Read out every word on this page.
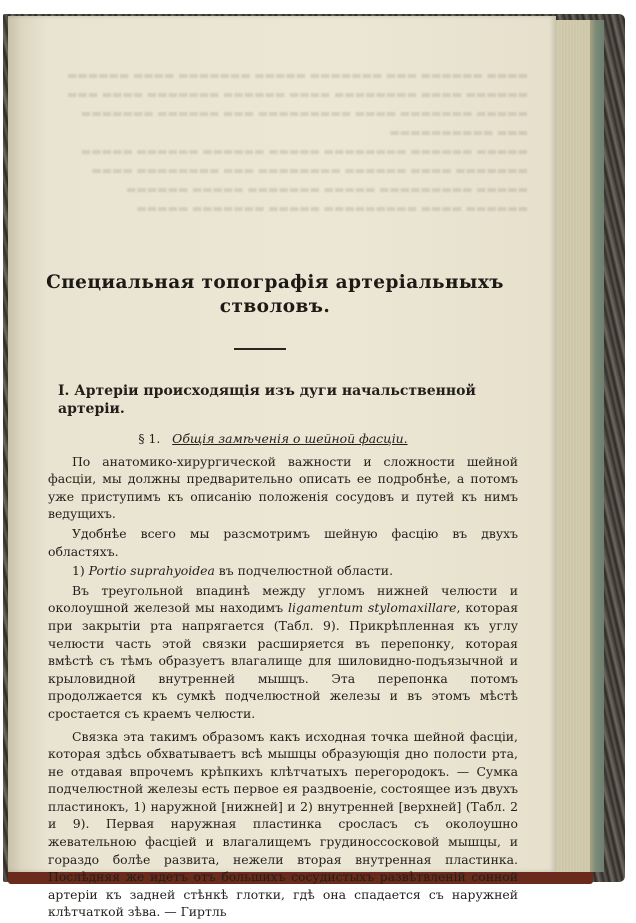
▬▬▬▬ ▬▬▬▬▬▬ ▬▬▬ ▬▬▬▬▬▬▬ ▬▬▬▬▬ ▬▬▬▬▬▬▬ ▬▬▬▬ ▬▬▬▬▬▬
▬▬▬▬▬▬ ▬▬▬▬ ▬▬▬▬▬▬▬▬ ▬▬▬▬ ▬▬▬▬▬▬ ▬▬▬▬▬▬▬ ▬▬▬▬ ▬▬▬
▬▬▬▬▬ ▬▬▬▬▬▬▬ ▬▬▬▬ ▬▬▬▬▬▬▬▬▬ ▬▬▬ ▬▬▬▬▬▬ ▬▬▬▬▬▬▬
▬▬▬ ▬▬▬▬▬▬▬▬▬▬
▬▬▬▬▬ ▬▬▬▬▬▬ ▬▬▬▬▬▬▬▬ ▬▬▬▬▬ ▬▬▬▬▬▬ ▬▬▬▬▬▬ ▬▬▬▬▬
▬▬▬▬▬▬▬ ▬▬▬▬ ▬▬▬▬▬▬ ▬▬▬▬▬▬▬▬ ▬▬▬ ▬▬▬▬▬▬▬▬ ▬▬▬▬
▬▬▬▬▬ ▬▬▬▬▬▬▬▬▬ ▬▬▬▬▬ ▬▬▬▬▬▬▬ ▬▬▬▬▬ ▬▬▬▬▬▬
▬▬▬▬▬▬ ▬▬▬▬ ▬▬▬▬▬▬▬▬▬ ▬▬▬▬▬ ▬▬▬▬▬▬▬ ▬▬▬▬▬
Специальная топографія артеріальныхъ
стволовъ.
I. Артеріи происходящія изъ дуги начальственной артеріи.
§ 1. Общія замѣченія о шейной фасціи.
По анатомико-хирургической важности и сложности шейной фасціи, мы должны предварительно описать ее подробнѣе, а потомъ уже приступимъ къ описанію положенія сосудовъ и путей къ нимъ ведущихъ.
Удобнѣе всего мы разсмотримъ шейную фасцію въ двухъ областяхъ.
1) Portio suprahyoidea въ подчелюстной области.
Въ треугольной впадинѣ между угломъ нижней челюсти и околоушной железой мы находимъ ligamentum stylomaxillare, которая при закрытіи рта напрягается (Табл. 9). Прикрѣпленная къ углу челюсти часть этой связки расширяется въ перепонку, которая вмѣстѣ съ тѣмъ образуетъ влагалище для шиловидно-подъязычной и крыловидной внутренней мышцъ. Эта перепонка потомъ продолжается къ сумкѣ подчелюстной железы и въ этомъ мѣстѣ сростается съ краемъ челюсти.
Связка эта такимъ образомъ какъ исходная точка шейной фасціи, которая здѣсь обхватываетъ всѣ мышцы образующія дно полости рта, не отдавая впрочемъ крѣпкихъ клѣтчатыхъ перегородокъ. — Сумка подчелюстной железы есть первое ея раздвоеніе, состоящее изъ двухъ пластинокъ, 1) наружной [нижней] и 2) внутренней [верхней] (Табл. 2 и 9). Первая наружная пластинка сросласъ съ околоушно жевательною фасціей и влагалищемъ грудиноссосковой мышцы, и гораздо болѣе развита, нежели вторая внутренная пластинка. Послѣдняя же идетъ отъ большихъ сосудистыхъ развѣтвленій сонной артеріи къ задней стѣнкѣ глотки, гдѣ она спадается съ наружней клѣтчаткой зѣва. — Гиртль
